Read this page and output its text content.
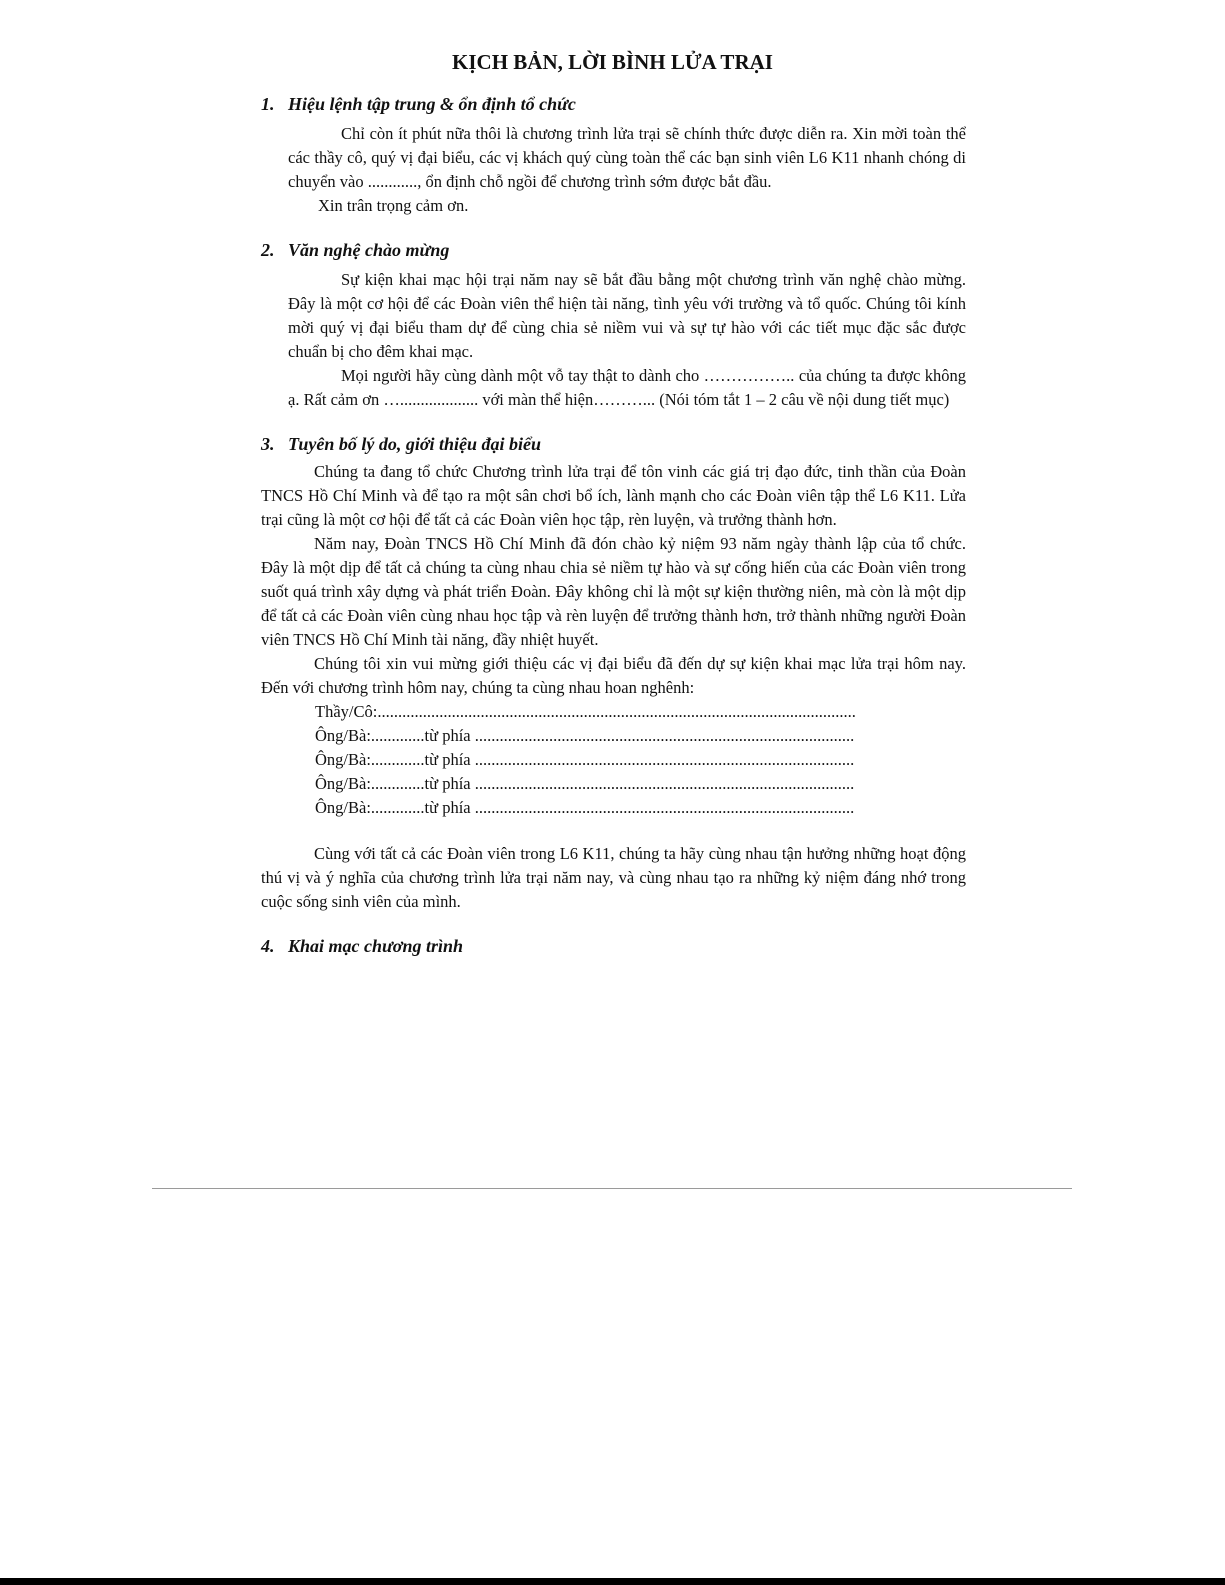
KỊCH BẢN, LỜI BÌNH LỬA TRẠI
1. Hiệu lệnh tập trung & ổn định tổ chức

Chỉ còn ít phút nữa thôi là chương trình lửa trại sẽ chính thức được diễn ra. Xin mời toàn thể các thầy cô, quý vị đại biểu, các vị khách quý cùng toàn thể các bạn sinh viên L6 K11 nhanh chóng di chuyển vào ............, ổn định chỗ ngồi để chương trình sớm được bắt đầu.

Xin trân trọng cảm ơn.

2. Văn nghệ chào mừng

Sự kiện khai mạc hội trại năm nay sẽ bắt đầu bằng một chương trình văn nghệ chào mừng. Đây là một cơ hội để các Đoàn viên thể hiện tài năng, tình yêu với trường và tổ quốc. Chúng tôi kính mời quý vị đại biểu tham dự để cùng chia sẻ niềm vui và sự tự hào với các tiết mục đặc sắc được chuẩn bị cho đêm khai mạc.

Mọi người hãy cùng dành một vỗ tay thật to dành cho …………….. của chúng ta được không ạ. Rất cảm ơn …................... với màn thể hiện………... (Nói tóm tắt 1 – 2 câu về nội dung tiết mục)

3. Tuyên bố lý do, giới thiệu đại biểu

Chúng ta đang tổ chức Chương trình lửa trại để tôn vinh các giá trị đạo đức, tinh thần của Đoàn TNCS Hồ Chí Minh và để tạo ra một sân chơi bổ ích, lành mạnh cho các Đoàn viên tập thể L6 K11. Lửa trại cũng là một cơ hội để tất cả các Đoàn viên học tập, rèn luyện, và trưởng thành hơn.

Năm nay, Đoàn TNCS Hồ Chí Minh đã đón chào kỷ niệm 93 năm ngày thành lập của tổ chức. Đây là một dịp để tất cả chúng ta cùng nhau chia sẻ niềm tự hào và sự cống hiến của các Đoàn viên trong suốt quá trình xây dựng và phát triển Đoàn. Đây không chỉ là một sự kiện thường niên, mà còn là một dịp để tất cả các Đoàn viên cùng nhau học tập và rèn luyện để trưởng thành hơn, trở thành những người Đoàn viên TNCS Hồ Chí Minh tài năng, đầy nhiệt huyết.

Chúng tôi xin vui mừng giới thiệu các vị đại biểu đã đến dự sự kiện khai mạc lửa trại hôm nay. Đến với chương trình hôm nay, chúng ta cùng nhau hoan nghênh:

Thầy/Cô:....................................................................................................................
Ông/Bà:.............từ phía ............................................................................................
Ông/Bà:.............từ phía ............................................................................................
Ông/Bà:.............từ phía ............................................................................................
Ông/Bà:.............từ phía ............................................................................................

Cùng với tất cả các Đoàn viên trong L6 K11, chúng ta hãy cùng nhau tận hưởng những hoạt động thú vị và ý nghĩa của chương trình lửa trại năm nay, và cùng nhau tạo ra những kỷ niệm đáng nhớ trong cuộc sống sinh viên của mình.

4. Khai mạc chương trình
